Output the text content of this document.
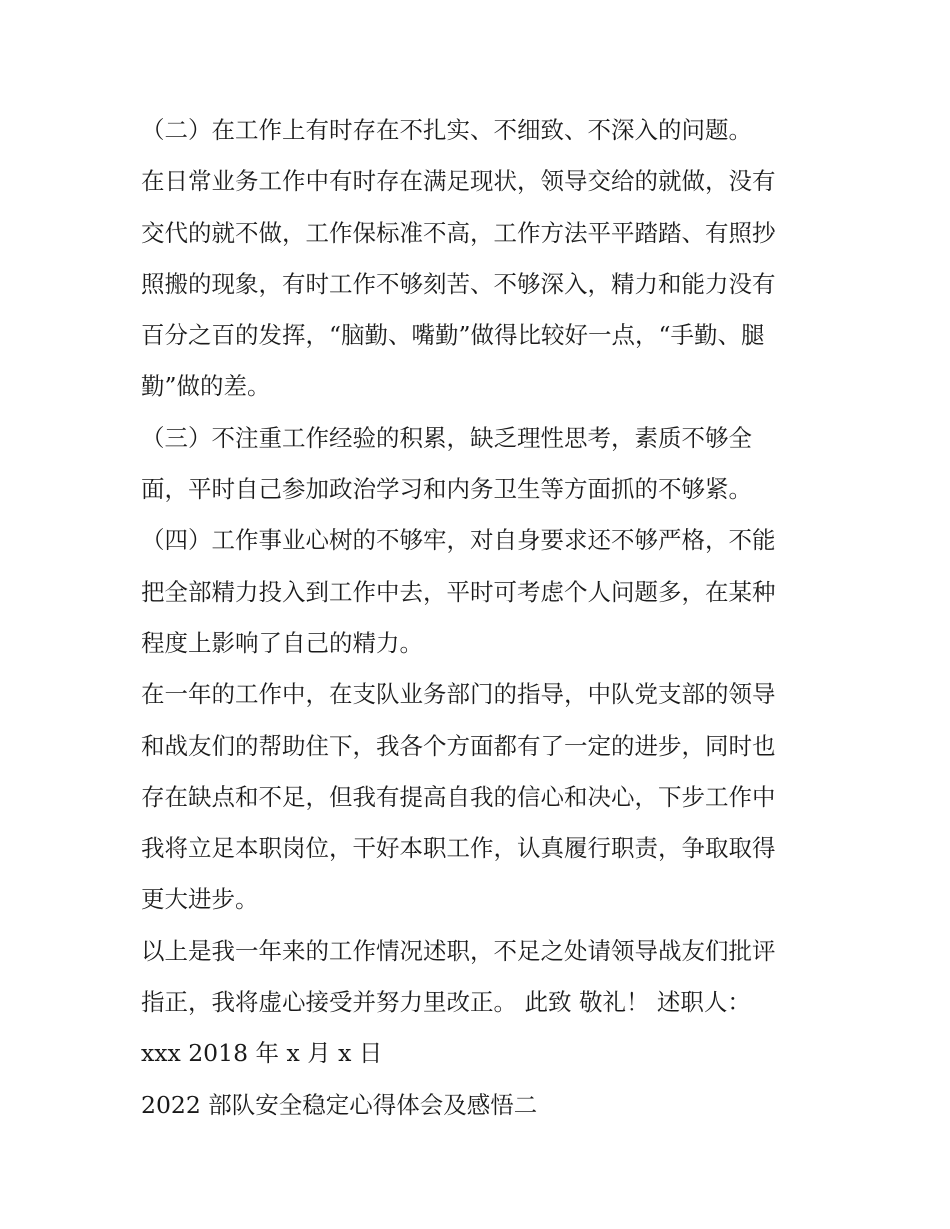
（二）在工作上有时存在不扎实、不细致、不深入的问题。
在日常业务工作中有时存在满足现状，领导交给的就做，没有
交代的就不做，工作保标准不高，工作方法平平踏踏、有照抄
照搬的现象，有时工作不够刻苦、不够深入，精力和能力没有
百分之百的发挥，“脑勤、嘴勤”做得比较好一点，“手勤、腿
勤”做的差。
（三）不注重工作经验的积累，缺乏理性思考，素质不够全
面，平时自己参加政治学习和内务卫生等方面抓的不够紧。
（四）工作事业心树的不够牢，对自身要求还不够严格，不能
把全部精力投入到工作中去，平时可考虑个人问题多，在某种
程度上影响了自己的精力。
在一年的工作中，在支队业务部门的指导，中队党支部的领导
和战友们的帮助住下，我各个方面都有了一定的进步，同时也
存在缺点和不足，但我有提高自我的信心和决心，下步工作中
我将立足本职岗位，干好本职工作，认真履行职责，争取取得
更大进步。
以上是我一年来的工作情况述职，不足之处请领导战友们批评
指正，我将虚心接受并努力里改正。 此致 敬礼！ 述职人：
xxx 2018 年 x 月 x 日
2022 部队安全稳定心得体会及感悟二
